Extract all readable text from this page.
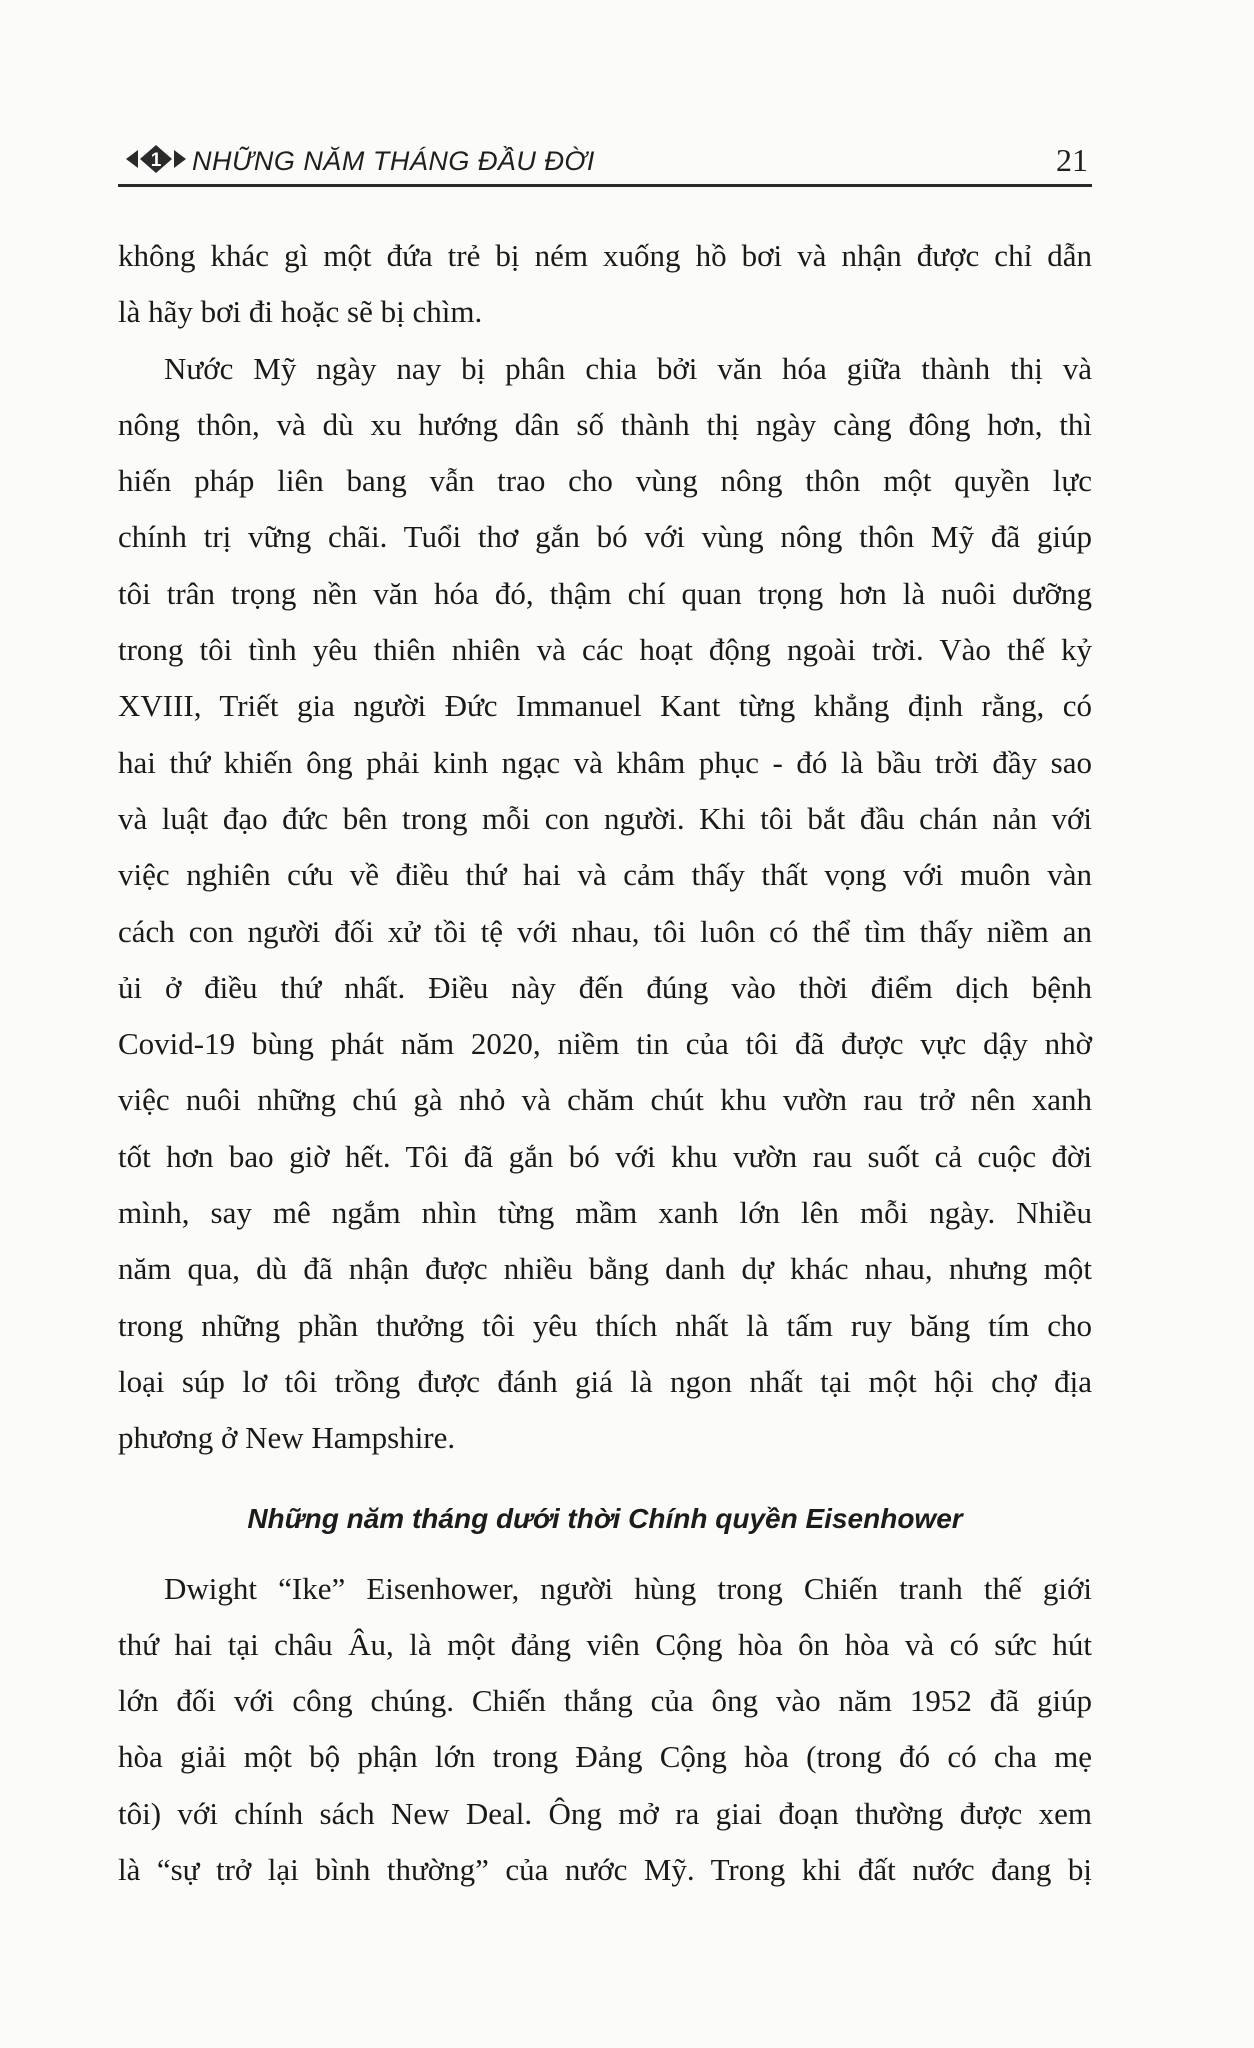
1 NHỮNG NĂM THÁNG ĐẦU ĐỜI	21
không khác gì một đứa trẻ bị ném xuống hồ bơi và nhận được chỉ dẫn
là hãy bơi đi hoặc sẽ bị chìm.
Nước Mỹ ngày nay bị phân chia bởi văn hóa giữa thành thị và
nông thôn, và dù xu hướng dân số thành thị ngày càng đông hơn, thì
hiến pháp liên bang vẫn trao cho vùng nông thôn một quyền lực
chính trị vững chãi. Tuổi thơ gắn bó với vùng nông thôn Mỹ đã giúp
tôi trân trọng nền văn hóa đó, thậm chí quan trọng hơn là nuôi dưỡng
trong tôi tình yêu thiên nhiên và các hoạt động ngoài trời. Vào thế kỷ
XVIII, Triết gia người Đức Immanuel Kant từng khẳng định rằng, có
hai thứ khiến ông phải kinh ngạc và khâm phục - đó là bầu trời đầy sao
và luật đạo đức bên trong mỗi con người. Khi tôi bắt đầu chán nản với
việc nghiên cứu về điều thứ hai và cảm thấy thất vọng với muôn vàn
cách con người đối xử tồi tệ với nhau, tôi luôn có thể tìm thấy niềm an
ủi ở điều thứ nhất. Điều này đến đúng vào thời điểm dịch bệnh
Covid-19 bùng phát năm 2020, niềm tin của tôi đã được vực dậy nhờ
việc nuôi những chú gà nhỏ và chăm chút khu vườn rau trở nên xanh
tốt hơn bao giờ hết. Tôi đã gắn bó với khu vườn rau suốt cả cuộc đời
mình, say mê ngắm nhìn từng mầm xanh lớn lên mỗi ngày. Nhiều
năm qua, dù đã nhận được nhiều bằng danh dự khác nhau, nhưng một
trong những phần thưởng tôi yêu thích nhất là tấm ruy băng tím cho
loại súp lơ tôi trồng được đánh giá là ngon nhất tại một hội chợ địa
phương ở New Hampshire.
Những năm tháng dưới thời Chính quyền Eisenhower
Dwight “Ike” Eisenhower, người hùng trong Chiến tranh thế giới
thứ hai tại châu Âu, là một đảng viên Cộng hòa ôn hòa và có sức hút
lớn đối với công chúng. Chiến thắng của ông vào năm 1952 đã giúp
hòa giải một bộ phận lớn trong Đảng Cộng hòa (trong đó có cha mẹ
tôi) với chính sách New Deal. Ông mở ra giai đoạn thường được xem
là “sự trở lại bình thường” của nước Mỹ. Trong khi đất nước đang bị
